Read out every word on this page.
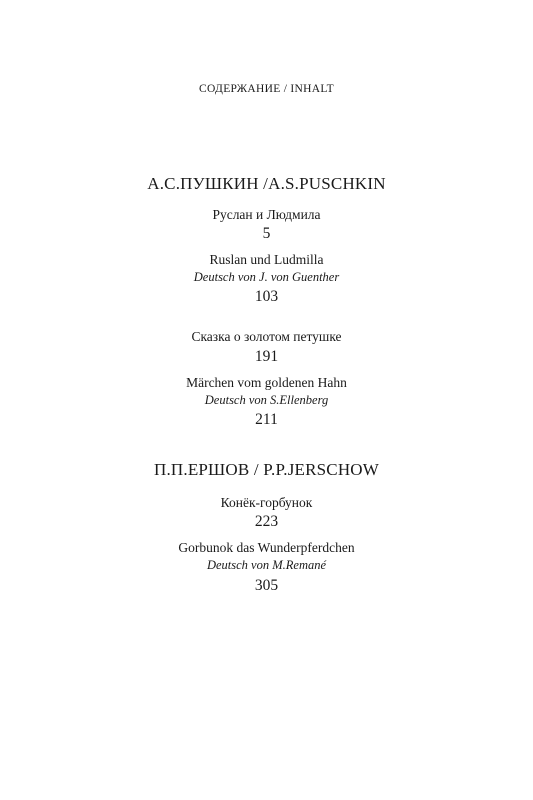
СОДЕРЖАНИЕ / INHALT
А.С.ПУШКИН /A.S.PUSCHKIN
Руслан и Людмила
5
Ruslan und Ludmilla
Deutsch von J. von Guenther
103
Сказка о золотом петушке
191
Märchen vom goldenen Hahn
Deutsch von S.Ellenberg
211
П.П.ЕРШОВ / P.P.JERSCHOW
Конёк-горбунок
223
Gorbunok das Wunderpferdchen
Deutsch von M.Remané
305
